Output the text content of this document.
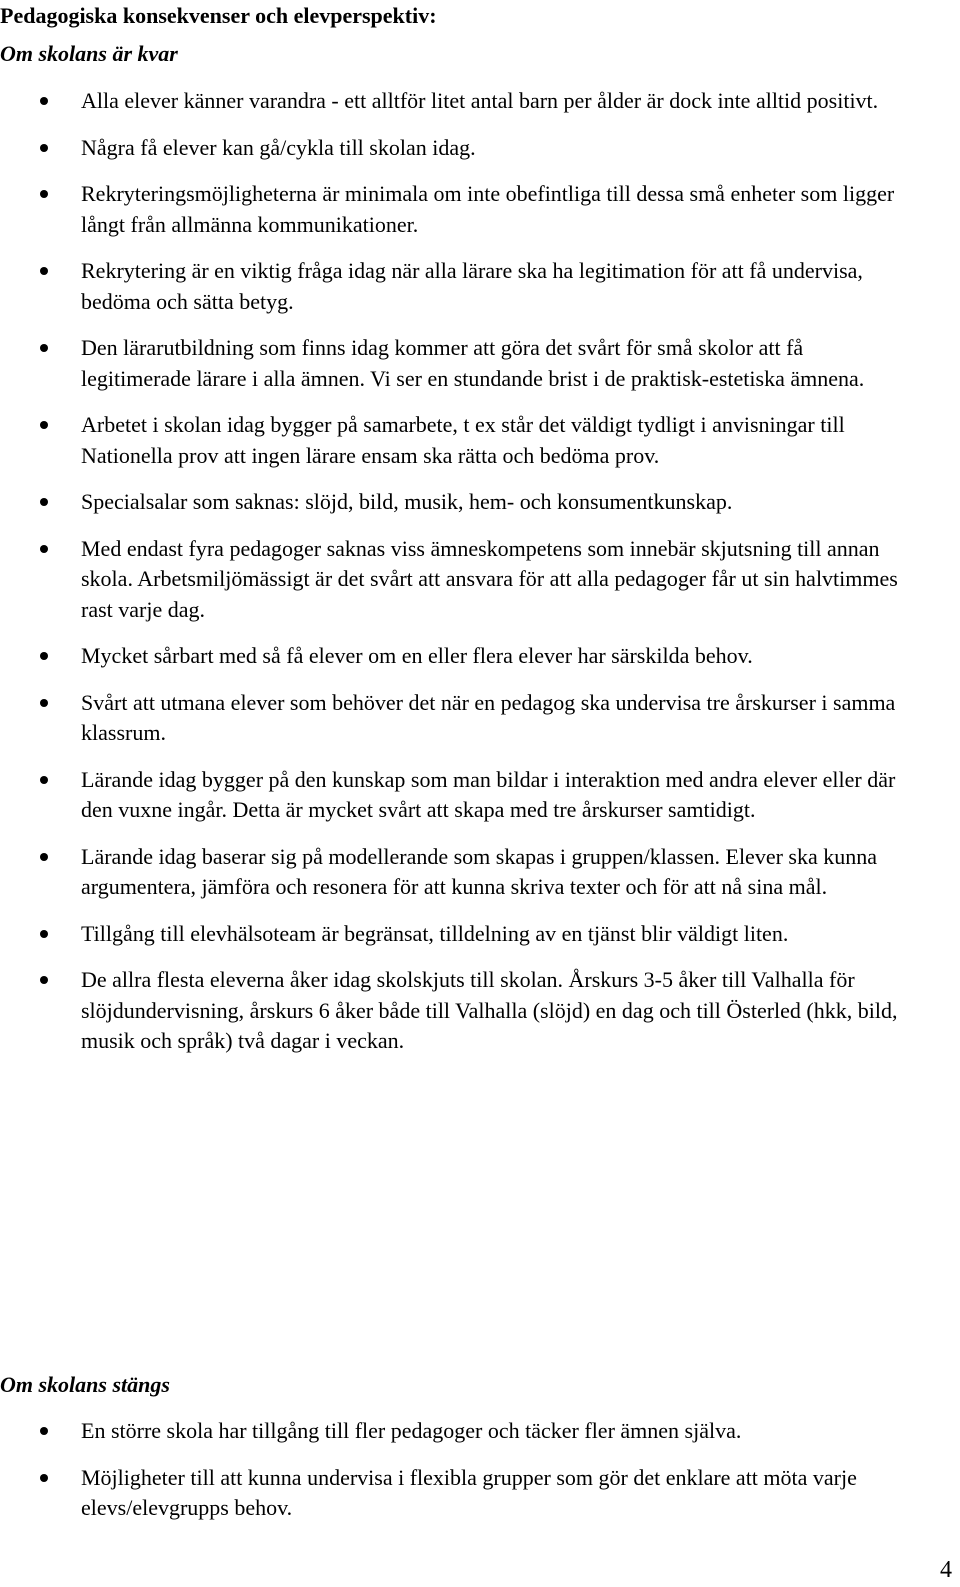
Pedagogiska konsekvenser och elevperspektiv:
Om skolans är kvar
Alla elever känner varandra - ett alltför litet antal barn per ålder är dock inte alltid positivt.
Några få elever kan gå/cykla till skolan idag.
Rekryteringsmöjligheterna är minimala om inte obefintliga till dessa små enheter som ligger långt från allmänna kommunikationer.
Rekrytering är en viktig fråga idag när alla lärare ska ha legitimation för att få undervisa, bedöma och sätta betyg.
Den lärarutbildning som finns idag kommer att göra det svårt för små skolor att få legitimerade lärare i alla ämnen. Vi ser en stundande brist i de praktisk-estetiska ämnena.
Arbetet i skolan idag bygger på samarbete, t ex står det väldigt tydligt i anvisningar till Nationella prov att ingen lärare ensam ska rätta och bedöma prov.
Specialsalar som saknas: slöjd, bild, musik, hem- och konsumentkunskap.
Med endast fyra pedagoger saknas viss ämneskompetens som innebär skjutsning till annan skola. Arbetsmiljömässigt är det svårt att ansvara för att alla pedagoger får ut sin halvtimmes rast varje dag.
Mycket sårbart med så få elever om en eller flera elever har särskilda behov.
Svårt att utmana elever som behöver det när en pedagog ska undervisa tre årskurser i samma klassrum.
Lärande idag bygger på den kunskap som man bildar i interaktion med andra elever eller där den vuxne ingår. Detta är mycket svårt att skapa med tre årskurser samtidigt.
Lärande idag baserar sig på modellerande som skapas i gruppen/klassen. Elever ska kunna argumentera, jämföra och resonera för att kunna skriva texter och för att nå sina mål.
Tillgång till elevhälsoteam är begränsat, tilldelning av en tjänst blir väldigt liten.
De allra flesta eleverna åker idag skolskjuts till skolan. Årskurs 3-5 åker till Valhalla för slöjdundervisning, årskurs 6 åker både till Valhalla (slöjd) en dag och till Österled (hkk, bild, musik och språk) två dagar i veckan.
Om skolans stängs
En större skola har tillgång till fler pedagoger och täcker fler ämnen själva.
Möjligheter till att kunna undervisa i flexibla grupper som gör det enklare att möta varje elevs/elevgrupps behov.
4
